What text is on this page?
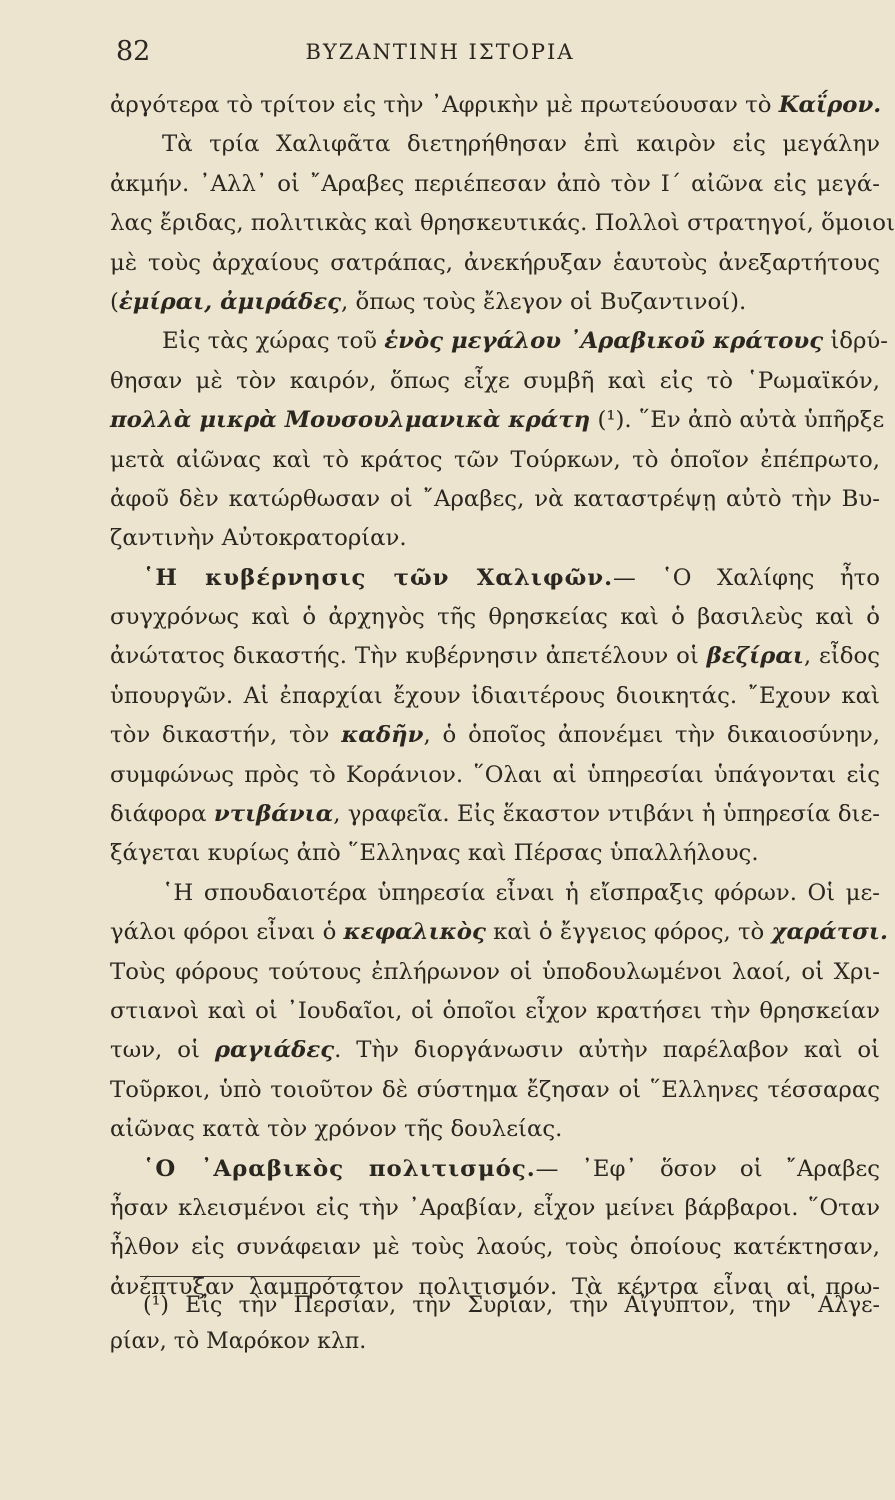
82	ΒΥΖΑΝΤΙΝΗ ΙΣΤΟΡΙΑ
ἀργότερα τὸ τρίτον εἰς τὴν ᾿Αφρικὴν μὲ πρωτεύουσαν τὸ Καΐρον.
Τὰ τρία Χαλιφᾶτα διετηρήθησαν ἐπὶ καιρὸν εἰς μεγάλην
ἀκμήν. ᾿Αλλ᾿ οἱ ῎Αραβες περιέπεσαν ἀπὸ τὸν Ι΄ αἰῶνα εἰς μεγά-
λας ἔριδας, πολιτικὰς καὶ θρησκευτικάς. Πολλοὶ στρατηγοί, ὅμοιοι
μὲ τοὺς ἀρχαίους σατράπας, ἀνεκήρυξαν ἑαυτοὺς ἀνεξαρτήτους
(ἐμίραι, ἀμιράδες, ὅπως τοὺς ἔλεγον οἱ Βυζαντινοί).
Εἰς τὰς χώρας τοῦ ἑνὸς μεγάλου ᾿Αραβικοῦ κράτους ἱδρύ-
θησαν μὲ τὸν καιρόν, ὅπως εἶχε συμβῆ καὶ εἰς τὸ ῾Ρωμαϊκόν,
πολλὰ μικρὰ Μουσουλμανικὰ κράτη (¹). ῞Εν ἀπὸ αὐτὰ ὑπῆρξε
μετὰ αἰῶνας καὶ τὸ κράτος τῶν Τούρκων, τὸ ὁποῖον ἐπέπρωτο,
ἀφοῦ δὲν κατώρθωσαν οἱ ῎Αραβες, νὰ καταστρέψῃ αὐτὸ τὴν Βυ-
ζαντινὴν Αὐτοκρατορίαν.
῾Η κυβέρνησις τῶν Χαλιφῶν.— ῾Ο Χαλίφης ἦτο
συγχρόνως καὶ ὁ ἀρχηγὸς τῆς θρησκείας καὶ ὁ βασιλεὺς καὶ ὁ
ἀνώτατος δικαστής. Τὴν κυβέρνησιν ἀπετέλουν οἱ βεζίραι, εἶδος
ὑπουργῶν. Αἱ ἐπαρχίαι ἔχουν ἰδιαιτέρους διοικητάς. ῎Εχουν καὶ
τὸν δικαστήν, τὸν καδῆν, ὁ ὁποῖος ἀπονέμει τὴν δικαιοσύνην,
συμφώνως πρὸς τὸ Κοράνιον. ῞Ολαι αἱ ὑπηρεσίαι ὑπάγονται εἰς
διάφορα ντιβάνια, γραφεῖα. Εἰς ἕκαστον ντιβάνι ἡ ὑπηρεσία διε-
ξάγεται κυρίως ἀπὸ ῞Ελληνας καὶ Πέρσας ὑπαλλήλους.
῾Η σπουδαιοτέρα ὑπηρεσία εἶναι ἡ εἴσπραξις φόρων. Οἱ με-
γάλοι φόροι εἶναι ὁ κεφαλικὸς καὶ ὁ ἔγγειος φόρος, τὸ χαράτσι.
Τοὺς φόρους τούτους ἐπλήρωνον οἱ ὑποδουλωμένοι λαοί, οἱ Χρι-
στιανοὶ καὶ οἱ ᾿Ιουδαῖοι, οἱ ὁποῖοι εἶχον κρατήσει τὴν θρησκείαν
των, οἱ ραγιάδες. Τὴν διοργάνωσιν αὐτὴν παρέλαβον καὶ οἱ
Τοῦρκοι, ὑπὸ τοιοῦτον δὲ σύστημα ἔζησαν οἱ ῞Ελληνες τέσσαρας
αἰῶνας κατὰ τὸν χρόνον τῆς δουλείας.
῾Ο ᾿Αραβικὸς πολιτισμός.— ᾿Εφ᾿ ὅσον οἱ ῎Αραβες
ἦσαν κλεισμένοι εἰς τὴν ᾿Αραβίαν, εἶχον μείνει βάρβαροι. ῞Οταν
ἦλθον εἰς συνάφειαν μὲ τοὺς λαούς, τοὺς ὁποίους κατέκτησαν,
ἀνέπτυξαν λαμπρότατον πολιτισμόν. Τὰ κέντρα εἶναι αἱ πρω-
(¹) Εἰς τὴν Περσίαν, τὴν Συρίαν, τὴν Αἴγυπτον, τὴν ᾿Αλγε-
ρίαν, τὸ Μαρόκον κλπ.
